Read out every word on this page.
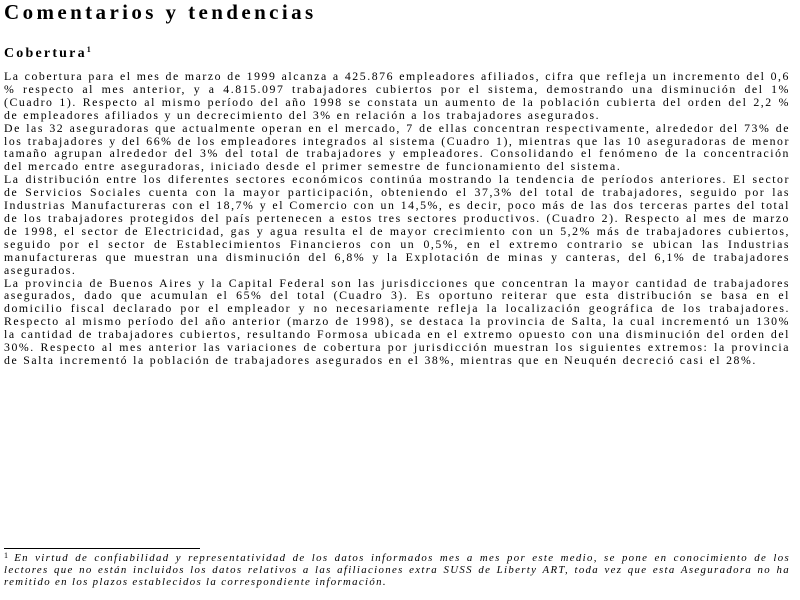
Comentarios y tendencias
Cobertura$^1$

La cobertura para el mes de marzo de 1999 alcanza a 425.876 empleadores afiliados, cifra que refleja un incremento del 0,6 % respecto al mes anterior, y a 4.815.097 trabajadores cubiertos por el sistema, demostrando una disminución del 1% (Cuadro 1). Respecto al mismo período del año 1998 se constata un aumento de la población cubierta del orden del 2,2 % de empleadores afiliados y un decrecimiento del 3% en relación a los trabajadores asegurados.

De las 32 aseguradoras que actualmente operan en el mercado, 7 de ellas concentran respectivamente, alrededor del 73% de los trabajadores y del 66% de los empleadores integrados al sistema (Cuadro 1), mientras que las 10 aseguradoras de menor tamaño agrupan alrededor del 3% del total de trabajadores y empleadores. Consolidando el fenómeno de la concentración del mercado entre aseguradoras, iniciado desde el primer semestre de funcionamiento del sistema.

La distribución entre los diferentes sectores económicos continúa mostrando la tendencia de períodos anteriores. El sector de Servicios Sociales cuenta con la mayor participación, obteniendo el 37,3% del total de trabajadores, seguido por las Industrias Manufactureras con el 18,7% y el Comercio con un 14,5%, es decir, poco más de las dos terceras partes del total de los trabajadores protegidos del país pertenecen a estos tres sectores productivos. (Cuadro 2). Respecto al mes de marzo de 1998, el sector de Electricidad, gas y agua resulta el de mayor crecimiento con un 5,2% más de trabajadores cubiertos, seguido por el sector de Establecimientos Financieros con un 0,5%, en el extremo contrario se ubican las Industrias manufactureras que muestran una disminución del 6,8% y la Explotación de minas y canteras, del 6,1% de trabajadores asegurados.

La provincia de Buenos Aires y la Capital Federal son las jurisdicciones que concentran la mayor cantidad de trabajadores asegurados, dado que acumulan el 65% del total (Cuadro 3). Es oportuno reiterar que esta distribución se basa en el domicilio fiscal declarado por el empleador y no necesariamente refleja la localización geográfica de los trabajadores. Respecto al mismo período del año anterior (marzo de 1998), se destaca la provincia de Salta, la cual incrementó un 130% la cantidad de trabajadores cubiertos, resultando Formosa ubicada en el extremo opuesto con una disminución del orden del 30%. Respecto al mes anterior las variaciones de cobertura por jurisdicción muestran los siguientes extremos: la provincia de Salta incrementó la población de trabajadores asegurados en el 38%, mientras que en Neuquén decreció casi el 28%.

$^1$ En virtud de confiabilidad y representatividad de los datos informados mes a mes por este medio, se pone en conocimiento de los lectores que no están incluidos los datos relativos a las afiliaciones extra SUSS de Liberty ART, toda vez que esta Aseguradora no ha remitido en los plazos establecidos la correspondiente información.
